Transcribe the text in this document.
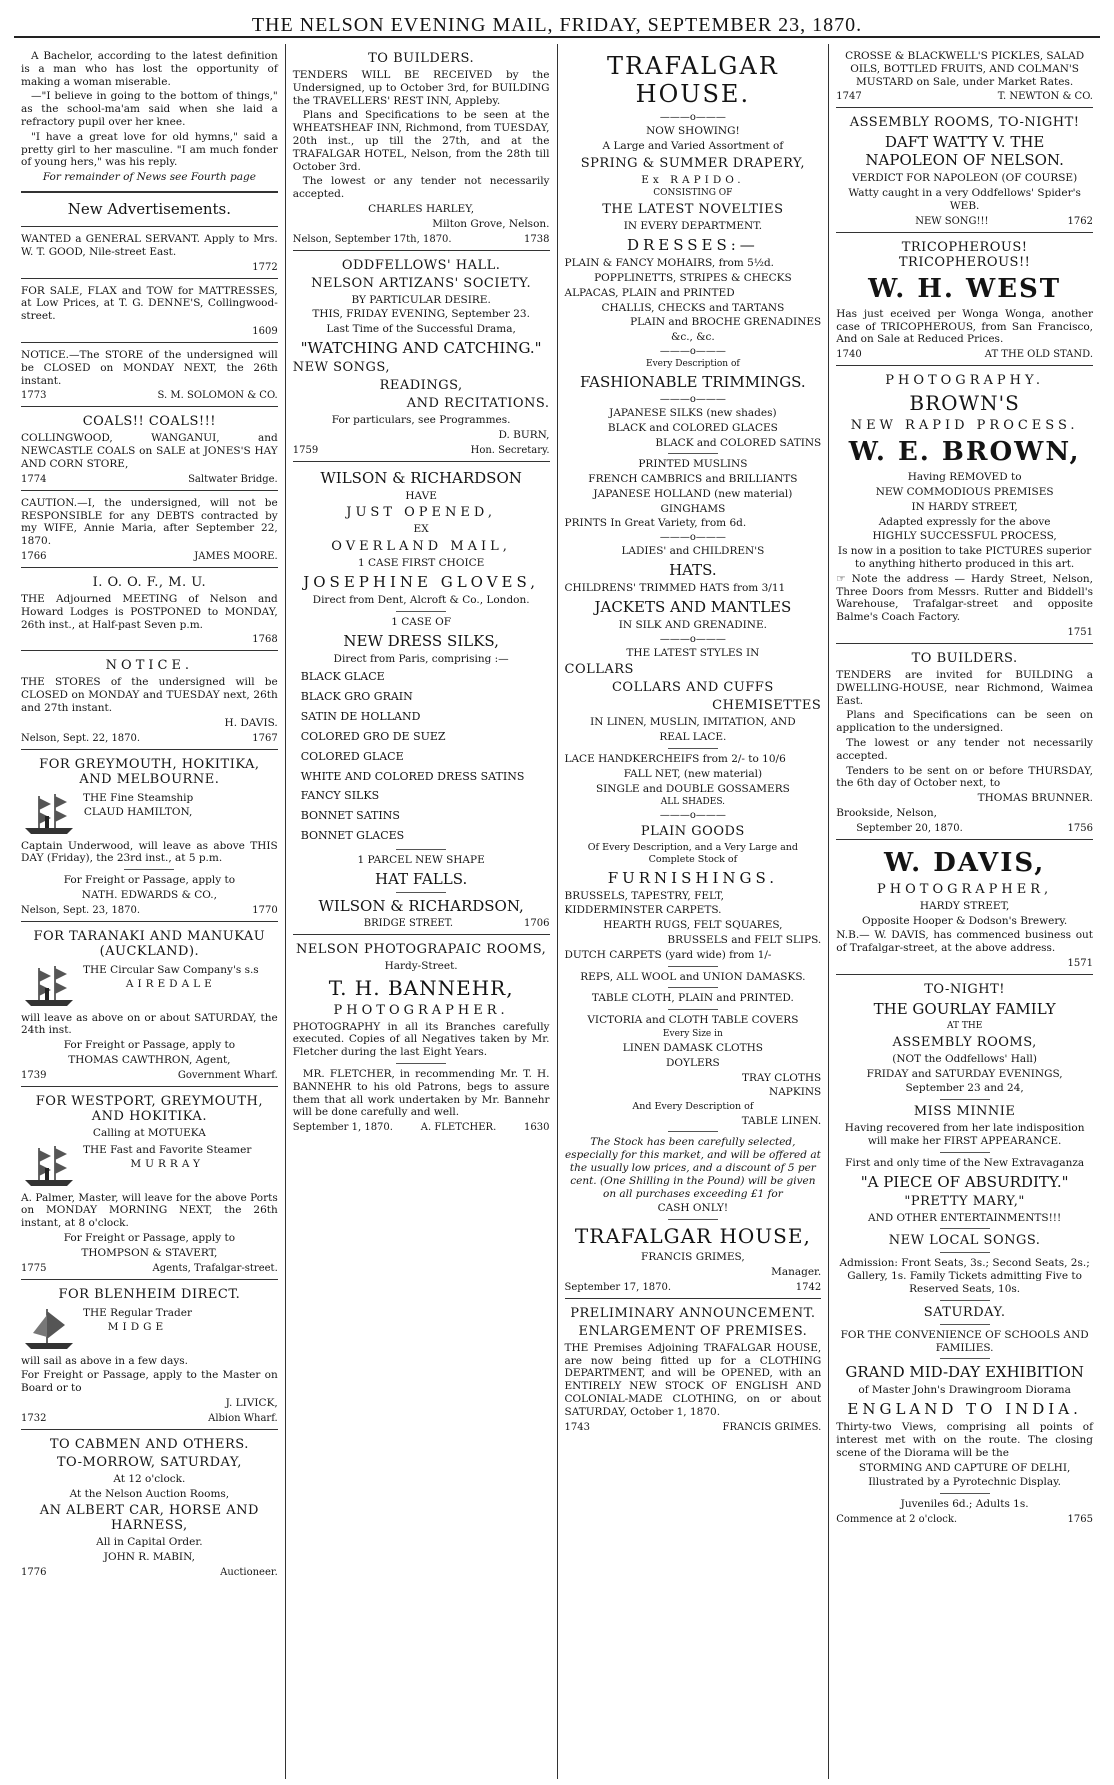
THE NELSON EVENING MAIL, FRIDAY, SEPTEMBER 23, 1870.

A Bachelor, according to the latest definition is a man who has lost the opportunity of making a woman miserable.

—"I believe in going to the bottom of things," as the school-ma'am said when she laid a refractory pupil over her knee.

"I have a great love for old hymns," said a pretty girl to her masculine. "I am much fonder of young hers," was his reply.

For remainder of News see Fourth page

New Advertisements.

WANTED a GENERAL SERVANT. Apply to Mrs. W. T. GOOD, Nile-street East.

1772

FOR SALE, FLAX and TOW for MATTRESSES, at Low Prices, at T. G. DENNE'S, Collingwood-street.

1609

NOTICE.—The STORE of the undersigned will be CLOSED on MONDAY NEXT, the 26th instant.

1773	S. M. SOLOMON & CO.
COALS!! COALS!!!

COLLINGWOOD, WANGANUI, and NEWCASTLE COALS on SALE at JONES'S HAY AND CORN STORE,

1774	Saltwater Bridge.

CAUTION.—I, the undersigned, will not be RESPONSIBLE for any DEBTS contracted by my WIFE, Annie Maria, after September 22, 1870.

1766	JAMES MOORE.
I. O. O. F., M. U.

THE Adjourned MEETING of Nelson and Howard Lodges is POSTPONED to MONDAY, 26th inst., at Half-past Seven p.m.

1768
NOTICE.

THE STORES of the undersigned will be CLOSED on MONDAY and TUESDAY next, 26th and 27th instant.

H. DAVIS.

Nelson, Sept. 22, 1870.	1767
FOR GREYMOUTH, HOKITIKA, AND MELBOURNE.

THE Fine Steamship

CLAUD HAMILTON,

Captain Underwood, will leave as above THIS DAY (Friday), the 23rd inst., at 5 p.m.

For Freight or Passage, apply to

NATH. EDWARDS & CO.,

Nelson, Sept. 23, 1870.	1770
FOR TARANAKI AND MANUKAU (AUCKLAND).

THE Circular Saw Company's s.s

AIREDALE

will leave as above on or about SATURDAY, the 24th inst.

For Freight or Passage, apply to

THOMAS CAWTHRON, Agent,

1739	Government Wharf.
FOR WESTPORT, GREYMOUTH, AND HOKITIKA.

Calling at MOTUEKA

THE Fast and Favorite Steamer

MURRAY

A. Palmer, Master, will leave for the above Ports on MONDAY MORNING NEXT, the 26th instant, at 8 o'clock.

For Freight or Passage, apply to

THOMPSON & STAVERT,

1775	Agents, Trafalgar-street.
FOR BLENHEIM DIRECT.

THE Regular Trader

MIDGE

will sail as above in a few days.

For Freight or Passage, apply to the Master on Board or to

J. LIVICK,

1732	Albion Wharf.
TO CABMEN AND OTHERS.
TO-MORROW, SATURDAY,

At 12 o'clock.

At the Nelson Auction Rooms,

AN ALBERT CAR, HORSE AND HARNESS,

All in Capital Order.

JOHN R. MABIN,

1776	Auctioneer.
TO BUILDERS.

TENDERS WILL BE RECEIVED by the Undersigned, up to October 3rd, for BUILDING the TRAVELLERS' REST INN, Appleby.

Plans and Specifications to be seen at the WHEATSHEAF INN, Richmond, from TUESDAY, 20th inst., up till the 27th, and at the TRAFALGAR HOTEL, Nelson, from the 28th till October 3rd.

The lowest or any tender not necessarily accepted.

CHARLES HARLEY,

Milton Grove, Nelson.

Nelson, September 17th, 1870.	1738
ODDFELLOWS' HALL.
NELSON ARTIZANS' SOCIETY.

BY PARTICULAR DESIRE.

THIS, FRIDAY EVENING, September 23.

Last Time of the Successful Drama,

"WATCHING AND CATCHING."
NEW SONGS,
READINGS,
AND RECITATIONS.

For particulars, see Programmes.

D. BURN,

1759	Hon. Secretary.
WILSON & RICHARDSON

HAVE

JUST OPENED,

EX

OVERLAND MAIL,

1 CASE FIRST CHOICE

JOSEPHINE GLOVES,

Direct from Dent, Alcroft & Co., London.

1 CASE OF

NEW DRESS SILKS,

Direct from Paris, comprising :—

BLACK GLACE
BLACK GRO GRAIN
SATIN DE HOLLAND
COLORED GRO DE SUEZ
COLORED GLACE
WHITE AND COLORED DRESS SATINS
FANCY SILKS
BONNET SATINS
BONNET GLACES

1 PARCEL NEW SHAPE

HAT FALLS.
WILSON & RICHARDSON,
BRIDGE STREET.	1706
NELSON PHOTOGRAPAIC ROOMS,

Hardy-Street.

T. H. BANNEHR,
PHOTOGRAPHER.

PHOTOGRAPHY in all its Branches carefully executed. Copies of all Negatives taken by Mr. Fletcher during the last Eight Years.

MR. FLETCHER, in recommending Mr. T. H. BANNEHR to his old Patrons, begs to assure them that all work undertaken by Mr. Bannehr will be done carefully and well.

September 1, 1870.	A. FLETCHER.	1630
TRAFALGAR HOUSE.
———o———

NOW SHOWING!

A Large and Varied Assortment of

SPRING & SUMMER DRAPERY,

Ex RAPIDO.

CONSISTING OF

THE LATEST NOVELTIES

IN EVERY DEPARTMENT.

DRESSES:—

PLAIN & FANCY MOHAIRS, from 5½d.

POPPLINETTS, STRIPES & CHECKS

ALPACAS, PLAIN and PRINTED

CHALLIS, CHECKS and TARTANS

PLAIN and BROCHE GRENADINES

&c., &c.

———o———

Every Description of

FASHIONABLE TRIMMINGS.
———o———

JAPANESE SILKS (new shades)

BLACK and COLORED GLACES

BLACK and COLORED SATINS

PRINTED MUSLINS

FRENCH CAMBRICS and BRILLIANTS

JAPANESE HOLLAND (new material)

GINGHAMS

PRINTS In Great Variety, from 6d.

———o———

LADIES' and CHILDREN'S

HATS.

CHILDRENS' TRIMMED HATS from 3/11

JACKETS AND MANTLES

IN SILK AND GRENADINE.

———o———

THE LATEST STYLES IN

COLLARS
COLLARS AND CUFFS
CHEMISETTES

IN LINEN, MUSLIN, IMITATION, AND

REAL LACE.

LACE HANDKERCHEIFS from 2/- to 10/6

FALL NET, (new material)

SINGLE and DOUBLE GOSSAMERS

ALL SHADES.

———o———
PLAIN GOODS

Of Every Description, and a Very Large and Complete Stock of

FURNISHINGS.

BRUSSELS, TAPESTRY, FELT,

KIDDERMINSTER CARPETS.

HEARTH RUGS, FELT SQUARES,

BRUSSELS and FELT SLIPS.

DUTCH CARPETS (yard wide) from 1/-

REPS, ALL WOOL and UNION DAMASKS.

TABLE CLOTH, PLAIN and PRINTED.

VICTORIA and CLOTH TABLE COVERS

Every Size in

LINEN DAMASK CLOTHS

DOYLERS

TRAY CLOTHS

NAPKINS

And Every Description of

TABLE LINEN.

The Stock has been carefully selected, especially for this market, and will be offered at the usually low prices, and a discount of 5 per cent. (One Shilling in the Pound) will be given on all purchases exceeding £1 for

CASH ONLY!

TRAFALGAR HOUSE,

FRANCIS GRIMES,

Manager.

September 17, 1870.	1742
PRELIMINARY ANNOUNCEMENT.
ENLARGEMENT OF PREMISES.

THE Premises Adjoining TRAFALGAR HOUSE, are now being fitted up for a CLOTHING DEPARTMENT, and will be OPENED, with an ENTIRELY NEW STOCK OF ENGLISH AND COLONIAL-MADE CLOTHING, on or about SATURDAY, October 1, 1870.

1743	FRANCIS GRIMES.

CROSSE & BLACKWELL'S PICKLES, SALAD OILS, BOTTLED FRUITS, AND COLMAN'S MUSTARD on Sale, under Market Rates.

1747	T. NEWTON & CO.
ASSEMBLY ROOMS, TO-NIGHT!
DAFT WATTY V. THE NAPOLEON OF NELSON.

VERDICT FOR NAPOLEON (OF COURSE)

Watty caught in a very Oddfellows' Spider's WEB.

NEW SONG!!!	1762
TRICOPHEROUS! TRICOPHEROUS!!
W. H. WEST

Has just eceived per Wonga Wonga, another case of TRICOPHEROUS, from San Francisco, And on Sale at Reduced Prices.

1740	AT THE OLD STAND.
PHOTOGRAPHY.
BROWN'S
NEW RAPID PROCESS.
W. E. BROWN,

Having REMOVED to

NEW COMMODIOUS PREMISES

IN HARDY STREET,

Adapted expressly for the above

HIGHLY SUCCESSFUL PROCESS,

Is now in a position to take PICTURES superior to anything hitherto produced in this art.

☞ Note the address — Hardy Street, Nelson, Three Doors from Messrs. Rutter and Biddell's Warehouse, Trafalgar-street and opposite Balme's Coach Factory.

1751
TO BUILDERS.

TENDERS are invited for BUILDING a DWELLING-HOUSE, near Richmond, Waimea East.

Plans and Specifications can be seen on application to the undersigned.

The lowest or any tender not necessarily accepted.

Tenders to be sent on or before THURSDAY, the 6th day of October next, to

THOMAS BRUNNER.

Brookside, Nelson,

September 20, 1870.	1756
W. DAVIS,
PHOTOGRAPHER,

HARDY STREET,

Opposite Hooper & Dodson's Brewery.

N.B.— W. DAVIS, has commenced business out of Trafalgar-street, at the above address.

1571
TO-NIGHT!
THE GOURLAY FAMILY

AT THE

ASSEMBLY ROOMS,

(NOT the Oddfellows' Hall)

FRIDAY and SATURDAY EVENINGS,

September 23 and 24,

MISS MINNIE

Having recovered from her late indisposition will make her FIRST APPEARANCE.

First and only time of the New Extravaganza

"A PIECE OF ABSURDITY."
"PRETTY MARY,"

AND OTHER ENTERTAINMENTS!!!

NEW LOCAL SONGS.

Admission: Front Seats, 3s.; Second Seats, 2s.; Gallery, 1s. Family Tickets admitting Five to Reserved Seats, 10s.

SATURDAY.

FOR THE CONVENIENCE OF SCHOOLS AND FAMILIES.

GRAND MID-DAY EXHIBITION

of Master John's Drawingroom Diorama

ENGLAND TO INDIA.

Thirty-two Views, comprising all points of interest met with on the route. The closing scene of the Diorama will be the

STORMING AND CAPTURE OF DELHI,

Illustrated by a Pyrotechnic Display.

Juveniles 6d.; Adults 1s.

Commence at 2 o'clock.	1765
